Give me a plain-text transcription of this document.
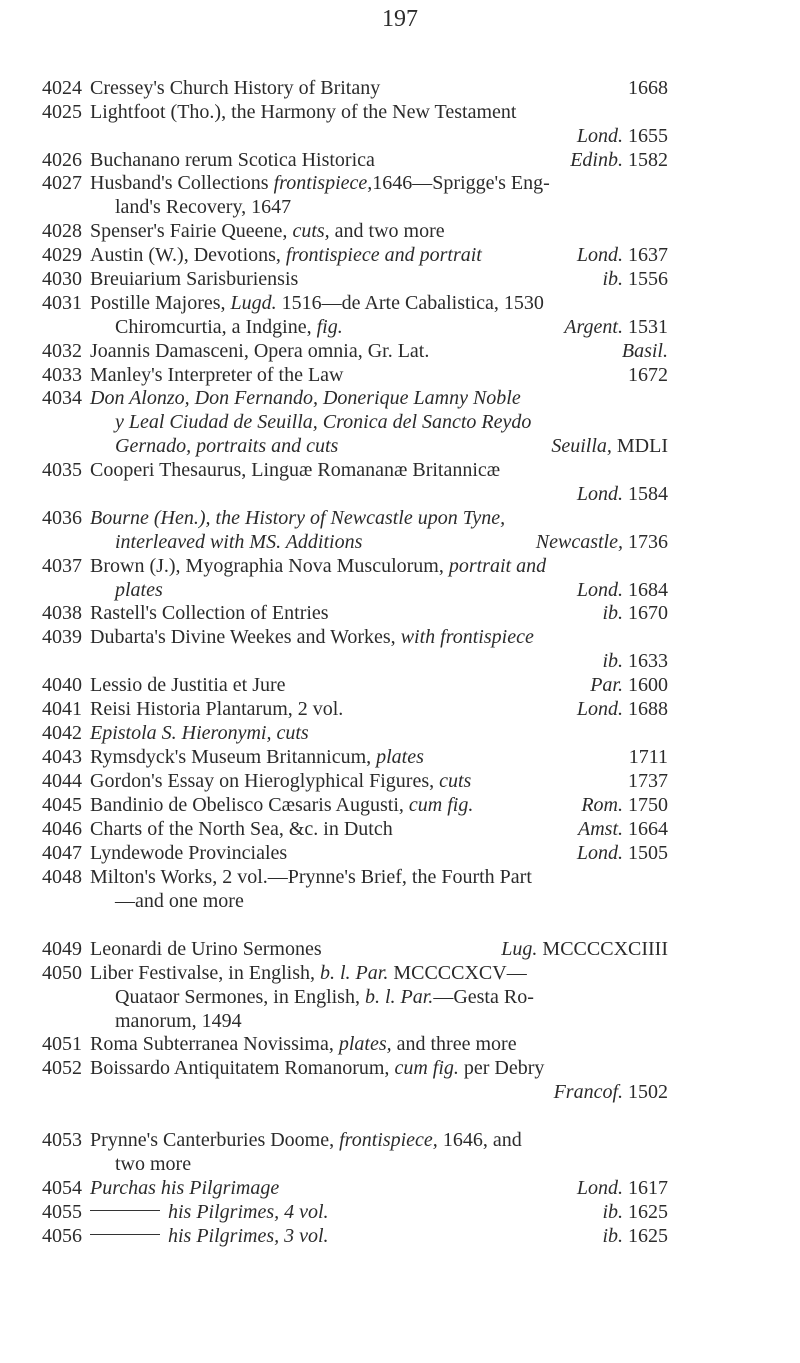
197
4024 Cressey's Church History of Britany	1668
4025 Lightfoot (Tho.), the Harmony of the New Testament
Lond. 1655
4026 Buchanano rerum Scotica Historica	Edinb. 1582
4027 Husband's Collections frontispiece,1646—Sprigge's Eng-
land's Recovery, 1647
4028 Spenser's Fairie Queene, cuts, and two more
4029 Austin (W.), Devotions, frontispiece and portrait	Lond. 1637
4030 Breuiarium Sarisburiensis	ib. 1556
4031 Postille Majores, Lugd. 1516—de Arte Cabalistica, 1530
Chiromcurtia, a Indgine, fig.	Argent. 1531
4032 Joannis Damasceni, Opera omnia, Gr. Lat.	Basil.
4033 Manley's Interpreter of the Law	1672
4034 Don Alonzo, Don Fernando, Donerique Lamny Noble
y Leal Ciudad de Seuilla, Cronica del Sancto Reydo
Gernado, portraits and cuts	Seuilla, MDLI
4035 Cooperi Thesaurus, Linguæ Romananæ Britannicæ
Lond. 1584
4036 Bourne (Hen.), the History of Newcastle upon Tyne,
interleaved with MS. Additions	Newcastle, 1736
4037 Brown (J.), Myographia Nova Musculorum, portrait and
plates	Lond. 1684
4038 Rastell's Collection of Entries	ib. 1670
4039 Dubarta's Divine Weekes and Workes, with frontispiece
ib. 1633
4040 Lessio de Justitia et Jure	Par. 1600
4041 Reisi Historia Plantarum, 2 vol.	Lond. 1688
4042 Epistola S. Hieronymi, cuts
4043 Rymsdyck's Museum Britannicum, plates	1711
4044 Gordon's Essay on Hieroglyphical Figures, cuts	1737
4045 Bandinio de Obelisco Cæsaris Augusti, cum fig.	Rom. 1750
4046 Charts of the North Sea, &c. in Dutch	Amst. 1664
4047 Lyndewode Provinciales	Lond. 1505
4048 Milton's Works, 2 vol.—Prynne's Brief, the Fourth Part
—and one more
4049 Leonardi de Urino Sermones	Lug. MCCCCXCIIII
4050 Liber Festivalse, in English, b. l. Par. MCCCCXCV—
Quataor Sermones, in English, b. l. Par.—Gesta Ro-
manorum, 1494
4051 Roma Subterranea Novissima, plates, and three more
4052 Boissardo Antiquitatem Romanorum, cum fig. per Debry
Francof. 1502
4053 Prynne's Canterburies Doome, frontispiece, 1646, and
two more
4054 Purchas his Pilgrimage	Lond. 1617
4055	his Pilgrimes, 4 vol.	ib. 1625
4056	his Pilgrimes, 3 vol.	ib. 1625
